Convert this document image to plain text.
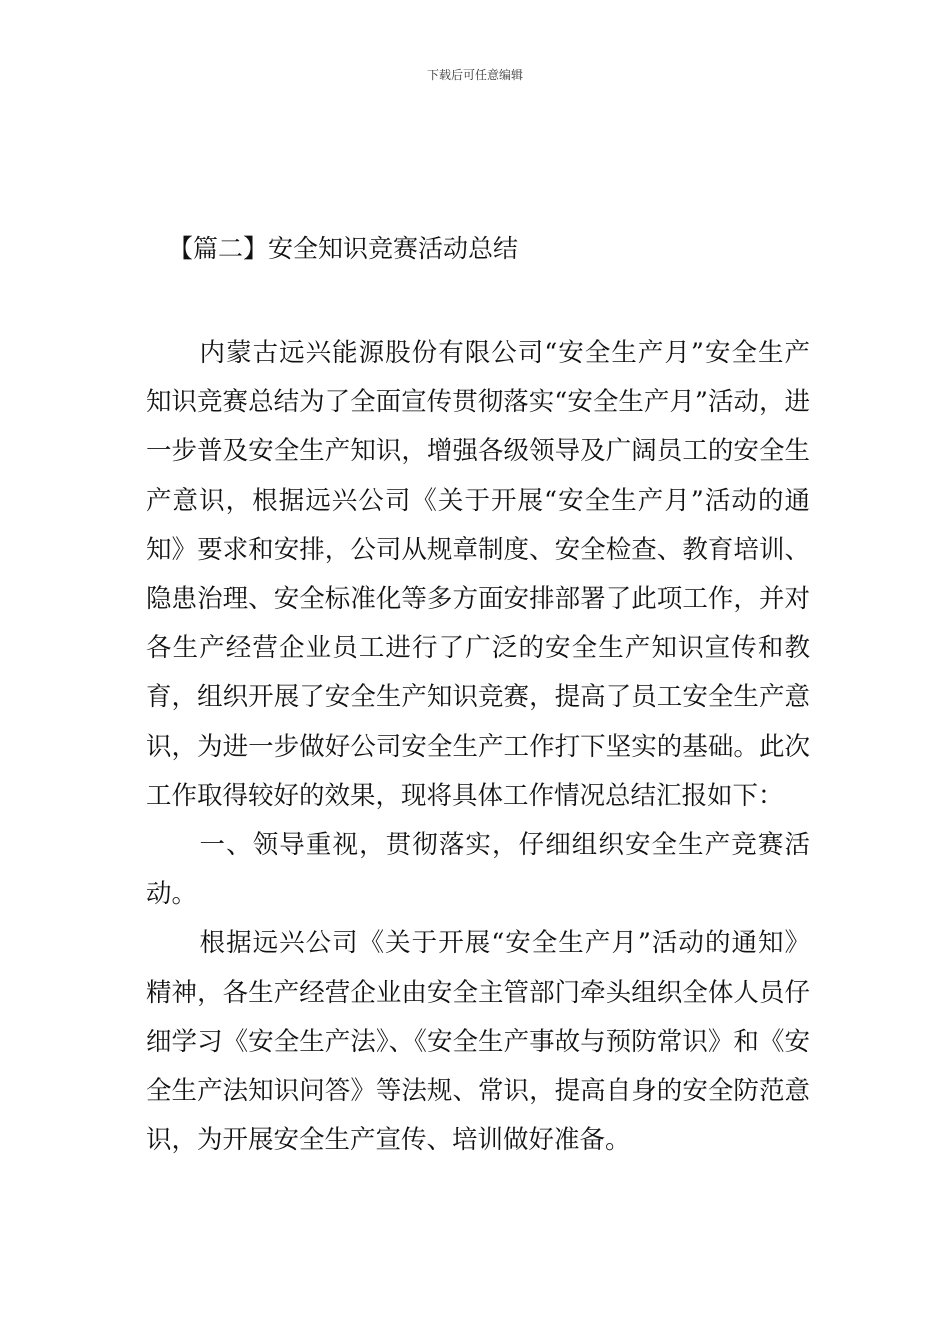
下载后可任意编辑
【篇二】安全知识竞赛活动总结

内蒙古远兴能源股份有限公司“安全生产月”安全生产知识竞赛总结为了全面宣传贯彻落实“安全生产月”活动，进一步普及安全生产知识，增强各级领导及广阔员工的安全生产意识，根据远兴公司《关于开展“安全生产月”活动的通知》要求和安排，公司从规章制度、安全检查、教育培训、隐患治理、安全标准化等多方面安排部署了此项工作，并对各生产经营企业员工进行了广泛的安全生产知识宣传和教育，组织开展了安全生产知识竞赛，提高了员工安全生产意识，为进一步做好公司安全生产工作打下坚实的基础。此次工作取得较好的效果，现将具体工作情况总结汇报如下：

一、领导重视，贯彻落实，仔细组织安全生产竞赛活动。

根据远兴公司《关于开展“安全生产月”活动的通知》精神，各生产经营企业由安全主管部门牵头组织全体人员仔细学习《安全生产法》、《安全生产事故与预防常识》和《安全生产法知识问答》等法规、常识，提高自身的安全防范意识，为开展安全生产宣传、培训做好准备。
